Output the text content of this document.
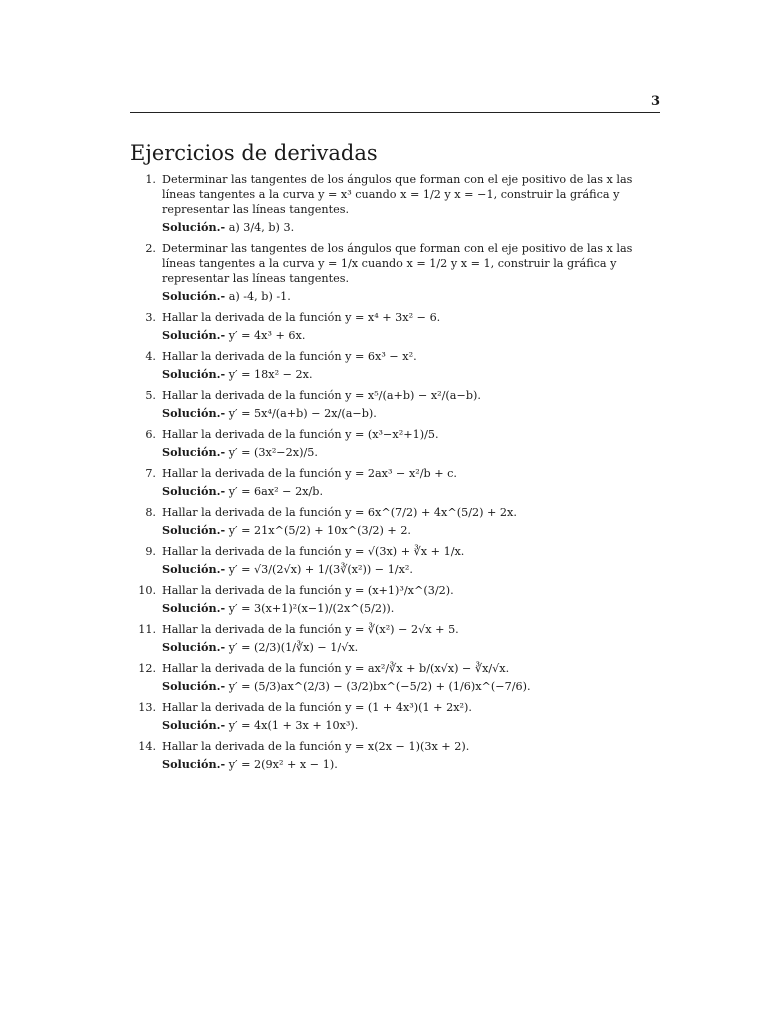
3
Ejercicios de derivadas
1. Determinar las tangentes de los ángulos que forman con el eje positivo de las x las líneas tangentes a la curva y = x³ cuando x = 1/2 y x = −1, construir la gráfica y representar las líneas tangentes.

Solución.- a) 3/4, b) 3.

2. Determinar las tangentes de los ángulos que forman con el eje positivo de las x las líneas tangentes a la curva y = 1/x cuando x = 1/2 y x = 1, construir la gráfica y representar las líneas tangentes.

Solución.- a) -4, b) -1.

3. Hallar la derivada de la función y = x⁴ + 3x² − 6.

Solución.- y′ = 4x³ + 6x.

4. Hallar la derivada de la función y = 6x³ − x².

Solución.- y′ = 18x² − 2x.

5. Hallar la derivada de la función y = x⁵/(a+b) − x²/(a−b).

Solución.- y′ = 5x⁴/(a+b) − 2x/(a−b).

6. Hallar la derivada de la función y = (x³−x²+1)/5.

Solución.- y′ = (3x²−2x)/5.

7. Hallar la derivada de la función y = 2ax³ − x²/b + c.

Solución.- y′ = 6ax² − 2x/b.

8. Hallar la derivada de la función y = 6x^(7/2) + 4x^(5/2) + 2x.

Solución.- y′ = 21x^(5/2) + 10x^(3/2) + 2.

9. Hallar la derivada de la función y = √(3x) + ∛x + 1/x.

Solución.- y′ = √3/(2√x) + 1/(3∛(x²)) − 1/x².

10. Hallar la derivada de la función y = (x+1)³/x^(3/2).

Solución.- y′ = 3(x+1)²(x−1)/(2x^(5/2)).

11. Hallar la derivada de la función y = ∛(x²) − 2√x + 5.

Solución.- y′ = (2/3)(1/∛x) − 1/√x.

12. Hallar la derivada de la función y = ax²/∛x + b/(x√x) − ∛x/√x.

Solución.- y′ = (5/3)ax^(2/3) − (3/2)bx^(−5/2) + (1/6)x^(−7/6).

13. Hallar la derivada de la función y = (1 + 4x³)(1 + 2x²).

Solución.- y′ = 4x(1 + 3x + 10x³).

14. Hallar la derivada de la función y = x(2x − 1)(3x + 2).

Solución.- y′ = 2(9x² + x − 1).
